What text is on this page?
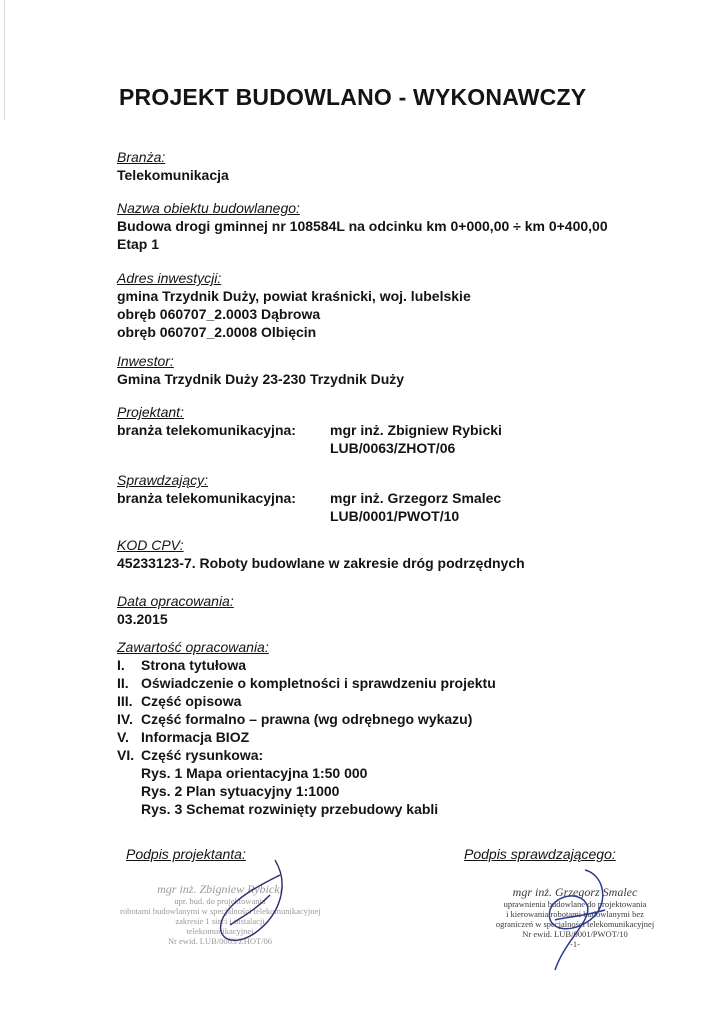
PROJEKT BUDOWLANO - WYKONAWCZY
Branża:
Telekomunikacja
Nazwa obiektu budowlanego:
Budowa drogi gminnej nr 108584L na odcinku km 0+000,00 ÷ km 0+400,00
Etap 1
Adres inwestycji:
gmina Trzydnik Duży, powiat kraśnicki, woj. lubelskie
obręb 060707_2.0003 Dąbrowa
obręb 060707_2.0008 Olbięcin
Inwestor:
Gmina Trzydnik Duży 23-230 Trzydnik Duży
Projektant:
branża telekomunikacyjna:	mgr inż. Zbigniew Rybicki
LUB/0063/ZHOT/06
Sprawdzający:
branża telekomunikacyjna:	mgr inż. Grzegorz Smalec
LUB/0001/PWOT/10
KOD CPV:
45233123-7. Roboty budowlane w zakresie dróg podrzędnych
Data opracowania:
03.2015
Zawartość opracowania:
I.	Strona tytułowa
II. Oświadczenie o kompletności i sprawdzeniu projektu
III. Część opisowa
IV. Część formalno – prawna (wg odrębnego wykazu)
V. Informacja BIOZ
VI. Część rysunkowa:
Rys. 1 Mapa orientacyjna 1:50 000
Rys. 2 Plan sytuacyjny 1:1000
Rys. 3 Schemat rozwinięty przebudowy kabli
Podpis projektanta:	Podpis sprawdzającego:
mgr inż. Zbigniew Rybicki
upr. bud. do projektowania
robotami budowlanymi w specjalności telekomunikacyjnej
zakresie 1 sieci i instalacji
telekomunikacyjnej
Nr ewid. LUB/0063/ZHOT/06
mgr inż. Grzegorz Smalec
uprawnienia budowlane do projektowania
i kierowania robotami budowlanymi bez
ograniczeń w specjalności telekomunikacyjnej
Nr ewid. LUB/0001/PWOT/10
-1-
